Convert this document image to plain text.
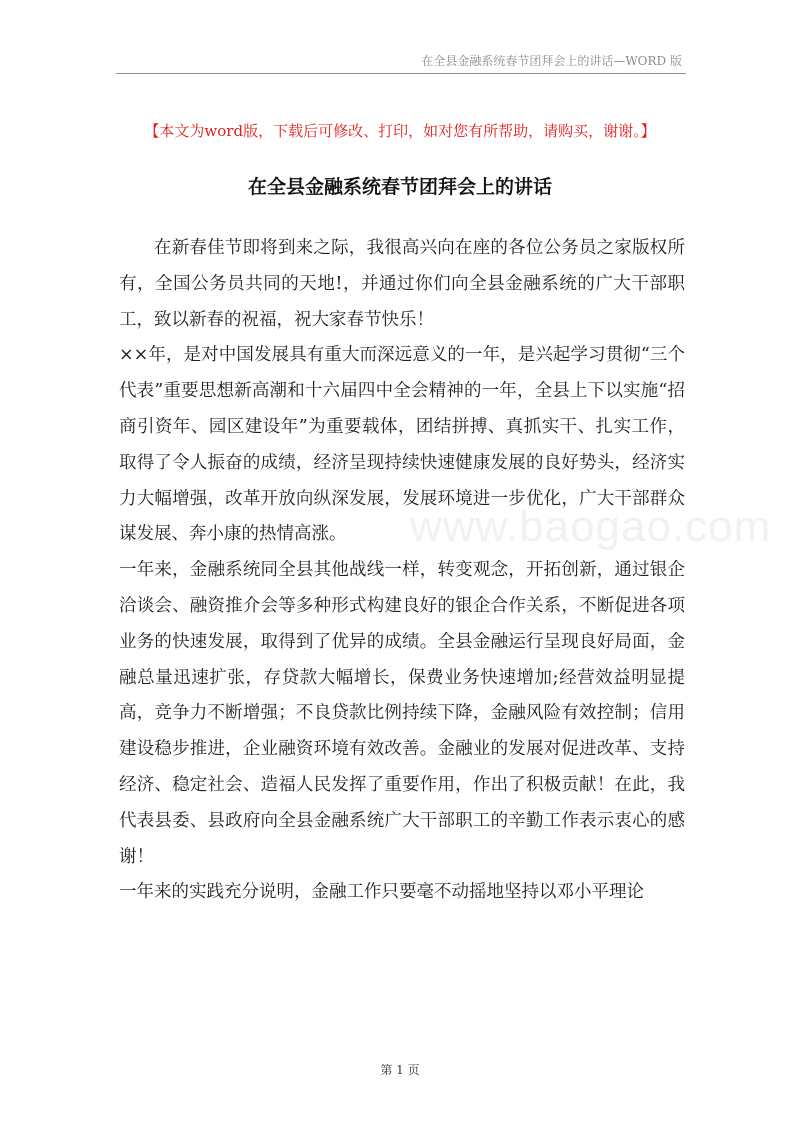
在全县金融系统春节团拜会上的讲话—WORD 版
www.baogao.com
【本文为word版，下载后可修改、打印，如对您有所帮助，请购买，谢谢。】
在全县金融系统春节团拜会上的讲话

在新春佳节即将到来之际，我很高兴向在座的各位公务员之家版权所有，全国公务员共同的天地!，并通过你们向全县金融系统的广大干部职工，致以新春的祝福，祝大家春节快乐！

××年，是对中国发展具有重大而深远意义的一年，是兴起学习贯彻“三个代表”重要思想新高潮和十六届四中全会精神的一年，全县上下以实施“招商引资年、园区建设年”为重要载体，团结拼搏、真抓实干、扎实工作，取得了令人振奋的成绩，经济呈现持续快速健康发展的良好势头，经济实力大幅增强，改革开放向纵深发展，发展环境进一步优化，广大干部群众谋发展、奔小康的热情高涨。

一年来，金融系统同全县其他战线一样，转变观念，开拓创新，通过银企洽谈会、融资推介会等多种形式构建良好的银企合作关系，不断促进各项业务的快速发展，取得到了优异的成绩。全县金融运行呈现良好局面，金融总量迅速扩张，存贷款大幅增长，保费业务快速增加;经营效益明显提高，竞争力不断增强；不良贷款比例持续下降，金融风险有效控制；信用建设稳步推进，企业融资环境有效改善。金融业的发展对促进改革、支持经济、稳定社会、造福人民发挥了重要作用，作出了积极贡献！在此，我代表县委、县政府向全县金融系统广大干部职工的辛勤工作表示衷心的感谢！

一年来的实践充分说明，金融工作只要毫不动摇地坚持以邓小平理论

第 1 页
